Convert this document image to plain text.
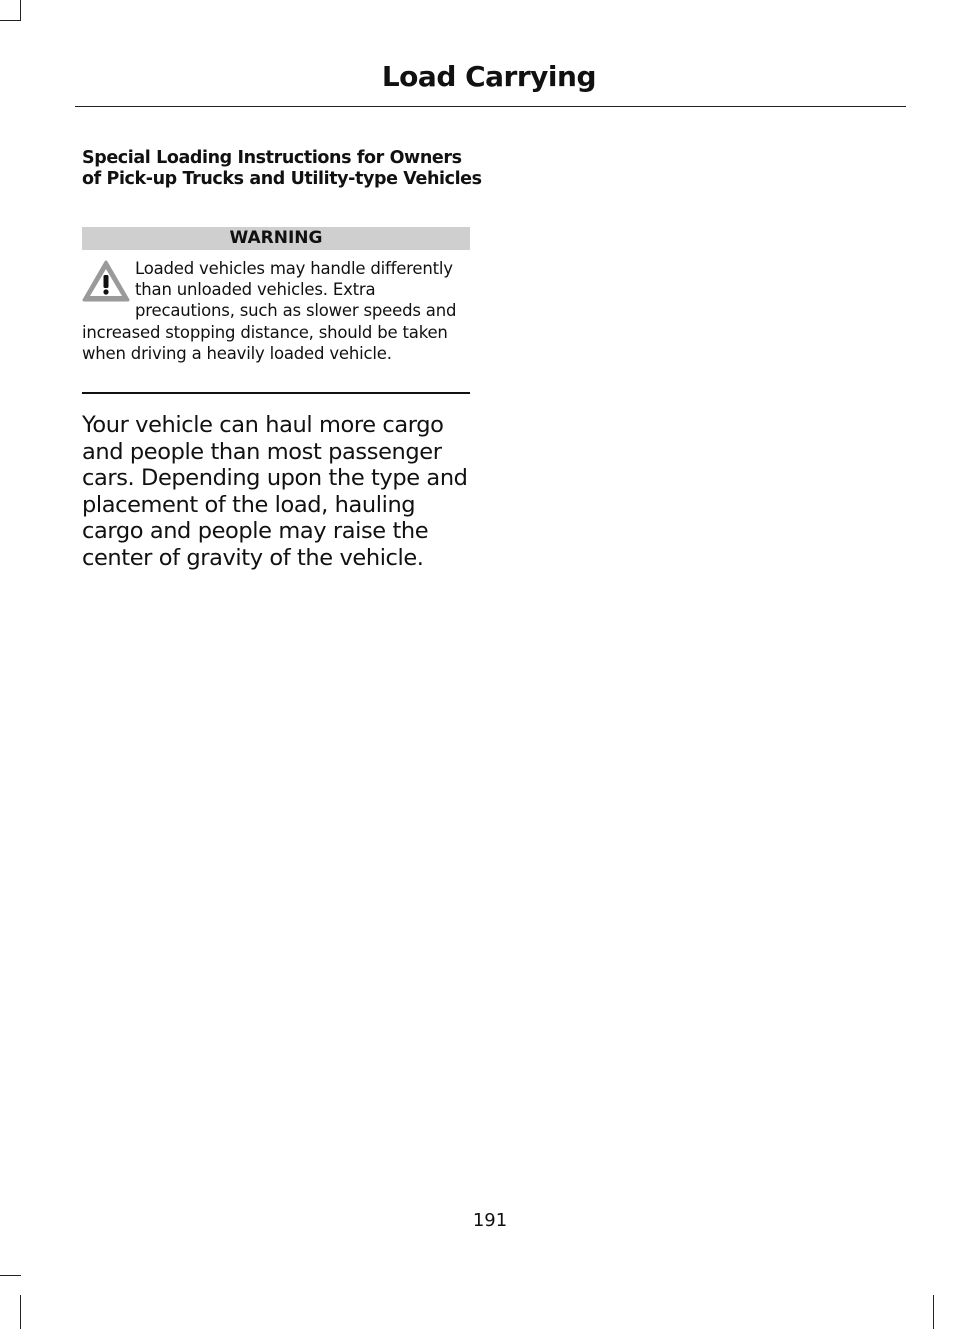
Load Carrying
Special Loading Instructions for Owners of Pick-up Trucks and Utility-type Vehicles
WARNING
Loaded vehicles may handle differently than unloaded vehicles. Extra precautions, such as slower speeds and increased stopping distance, should be taken when driving a heavily loaded vehicle.

Your vehicle can haul more cargo and people than most passenger cars. Depending upon the type and placement of the load, hauling cargo and people may raise the center of gravity of the vehicle.

191
